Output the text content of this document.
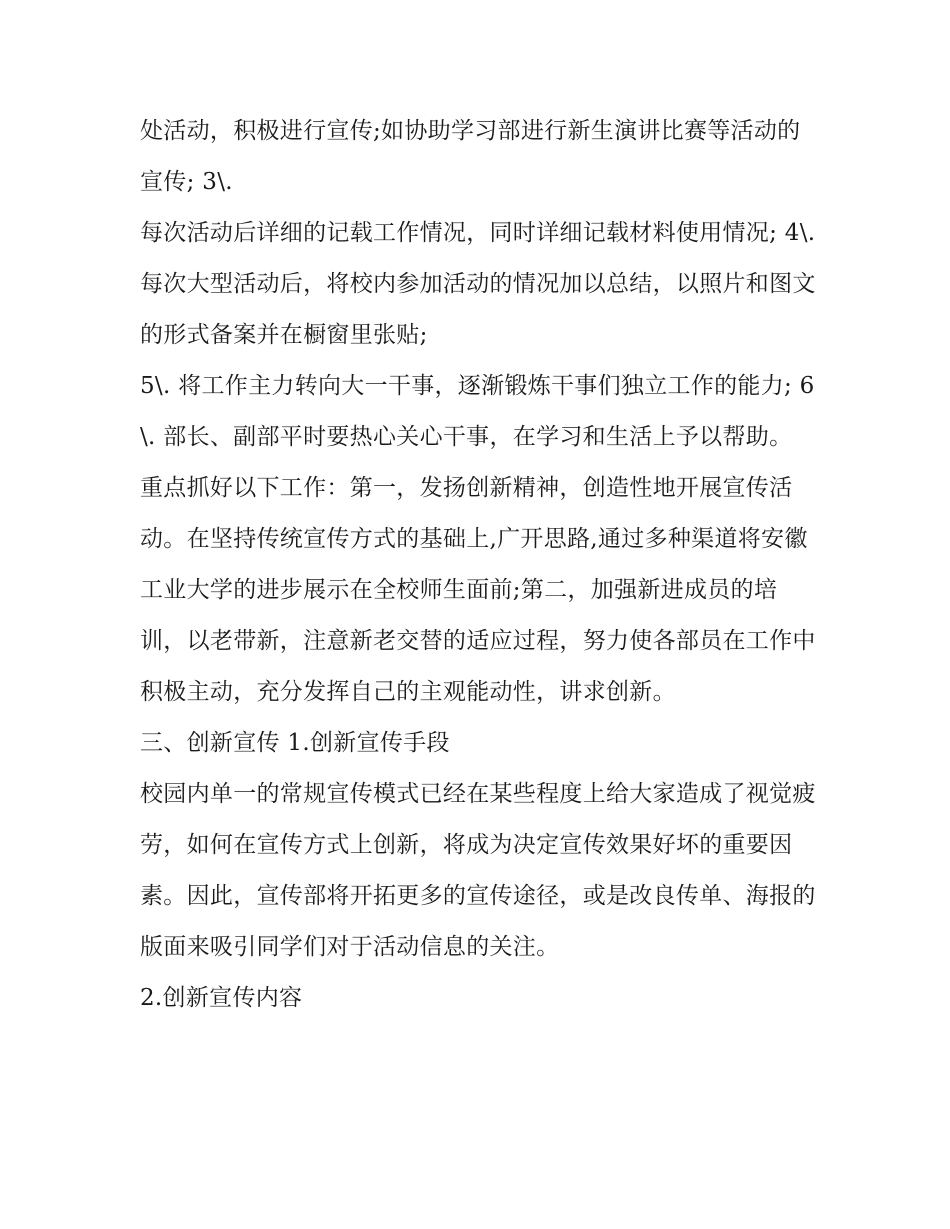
处活动，积极进行宣传;如协助学习部进行新生演讲比赛等活动的宣传; 3\.

每次活动后详细的记载工作情况，同时详细记载材料使用情况; 4\. 每次大型活动后，将校内参加活动的情况加以总结，以照片和图文的形式备案并在橱窗里张贴;

5\. 将工作主力转向大一干事，逐渐锻炼干事们独立工作的能力; 6\. 部长、副部平时要热心关心干事，在学习和生活上予以帮助。

重点抓好以下工作：第一，发扬创新精神，创造性地开展宣传活动。在坚持传统宣传方式的基础上,广开思路,通过多种渠道将安徽工业大学的进步展示在全校师生面前;第二，加强新进成员的培训，以老带新，注意新老交替的适应过程，努力使各部员在工作中积极主动，充分发挥自己的主观能动性，讲求创新。

三、创新宣传 1.创新宣传手段

校园内单一的常规宣传模式已经在某些程度上给大家造成了视觉疲劳，如何在宣传方式上创新，将成为决定宣传效果好坏的重要因素。因此，宣传部将开拓更多的宣传途径，或是改良传单、海报的版面来吸引同学们对于活动信息的关注。

2.创新宣传内容
